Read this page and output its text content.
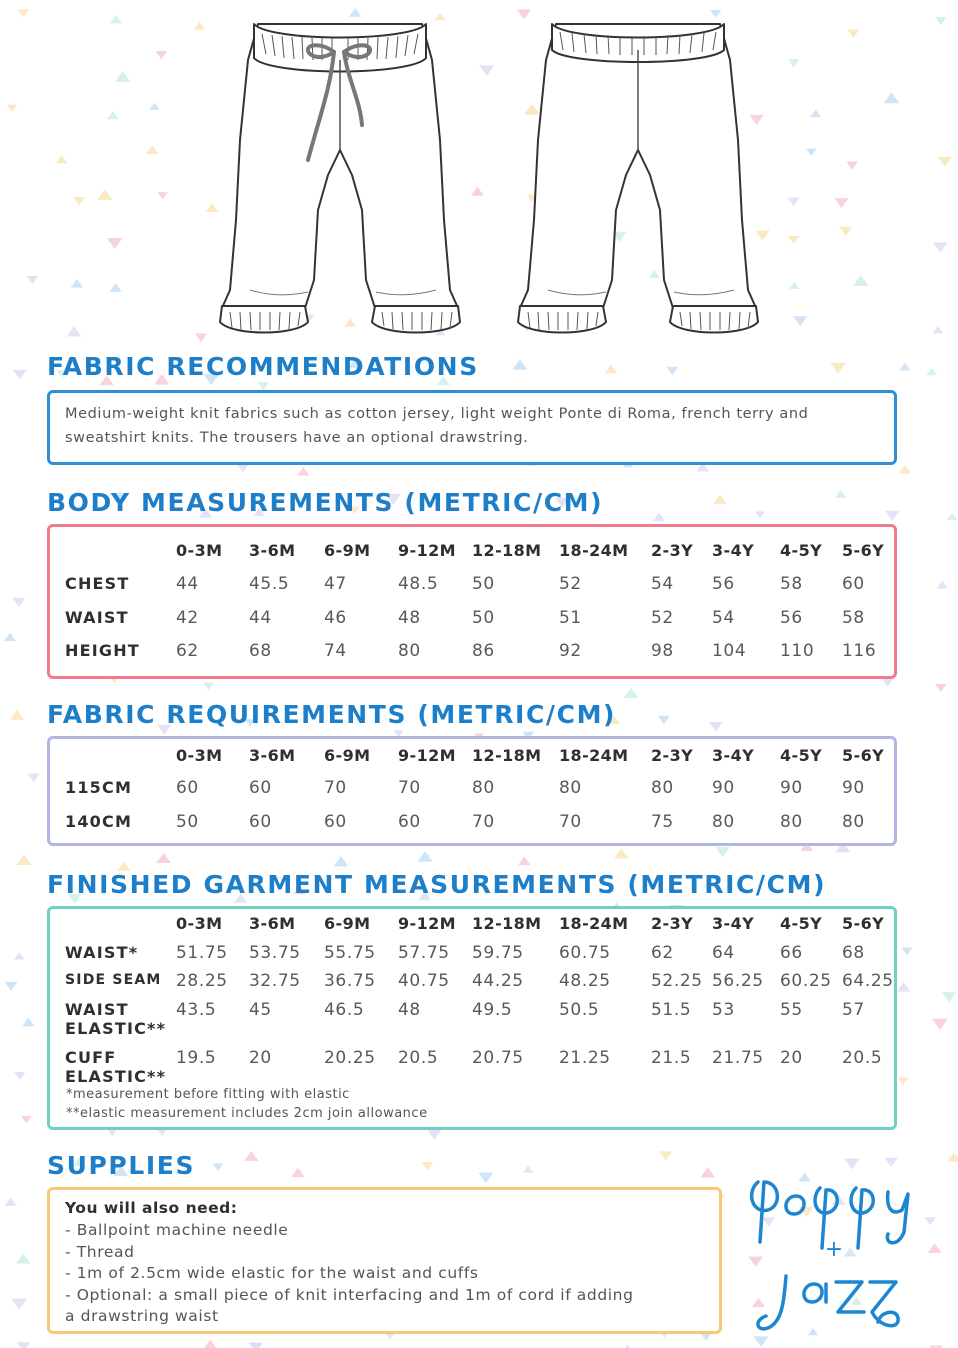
FABRIC RECOMMENDATIONS

Medium-weight knit fabrics such as cotton jersey, light weight Ponte di Roma, french terry and sweatshirt knits. The trousers have an optional drawstring.

BODY MEASUREMENTS (METRIC/CM)
0-3M 3-6M 6-9M 9-12M 12-18M 18-24M 2-3Y 3-4Y 4-5Y 5-6Y
CHEST	44	45.5 47	48.5 50	52	54 56	58 60
WAIST	42	44	46	48	50	51	52 54	56 58
HEIGHT 62	68	74	80	86	92	98 104 110 116
FABRIC REQUIREMENTS (METRIC/CM)
0-3M 3-6M 6-9M 9-12M 12-18M 18-24M 2-3Y 3-4Y 4-5Y 5-6Y
115CM	60	60	70	70	80	80	80 90	90 90
140CM	50	60	60	60	70	70	75 80	80 80
FINISHED GARMENT MEASUREMENTS (METRIC/CM)
*measurement before fitting with elastic
**elastic measurement includes 2cm join allowance
0-3M 3-6M 6-9M 9-12M 12-18M 18-24M 2-3Y 3-4Y 4-5Y 5-6Y
WAIST* 51.75 53.75 55.75 57.75 59.75 60.75 62 64	66 68
SIDE SEAM 28.25 32.75 36.75 40.75 44.25 48.25 52.25 56.25 60.25 64.25
WAIST
ELASTIC**
43.5 45	46.5 48	49.5	50.5	51.5 53	55 57
CUFF
ELASTIC**
19.5 20	20.25 20.5 20.75 21.25 21.5 21.75 20 20.5
SUPPLIES
You will also need:
- Ballpoint machine needle
- Thread
- 1m of 2.5cm wide elastic for the waist and cuffs
- Optional: a small piece of knit interfacing and 1m of cord if adding
a drawstring waist
+
poppy
jazz
